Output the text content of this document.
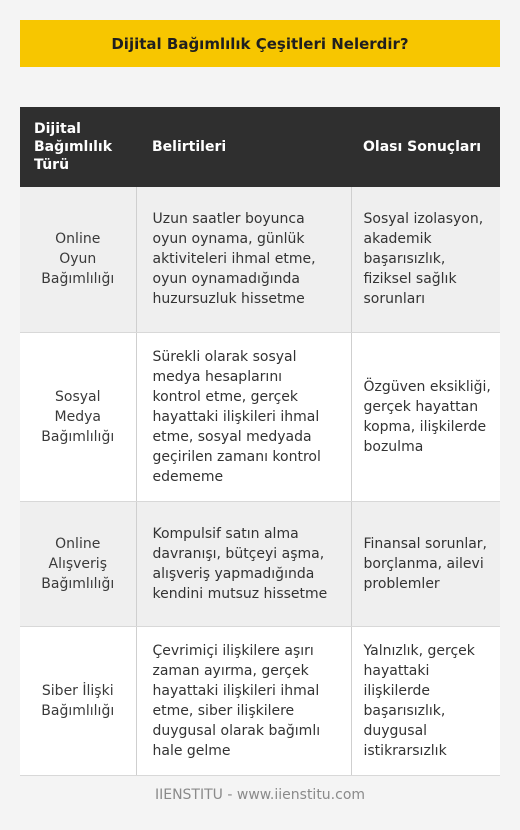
Dijital Bağımlılık Çeşitleri Nelerdir?
Dijital Bağımlılık Türü	Belirtileri	Olası Sonuçları
Online Oyun Bağımlılığı	Uzun saatler boyunca oyun oynama, günlük aktiviteleri ihmal etme, oyun oynamadığında huzursuzluk hissetme	Sosyal izolasyon, akademik başarısızlık, fiziksel sağlık sorunları
Sosyal Medya Bağımlılığı	Sürekli olarak sosyal medya hesaplarını kontrol etme, gerçek hayattaki ilişkileri ihmal etme, sosyal medyada geçirilen zamanı kontrol edememe	Özgüven eksikliği, gerçek hayattan kopma, ilişkilerde bozulma
Online Alışveriş Bağımlılığı	Kompulsif satın alma davranışı, bütçeyi aşma, alışveriş yapmadığında kendini mutsuz hissetme	Finansal sorunlar, borçlanma, ailevi problemler
Siber İlişki Bağımlılığı	Çevrimiçi ilişkilere aşırı zaman ayırma, gerçek hayattaki ilişkileri ihmal etme, siber ilişkilere duygusal olarak bağımlı hale gelme	Yalnızlık, gerçek hayattaki ilişkilerde başarısızlık, duygusal istikrarsızlık
IIENSTITU - www.iienstitu.com
